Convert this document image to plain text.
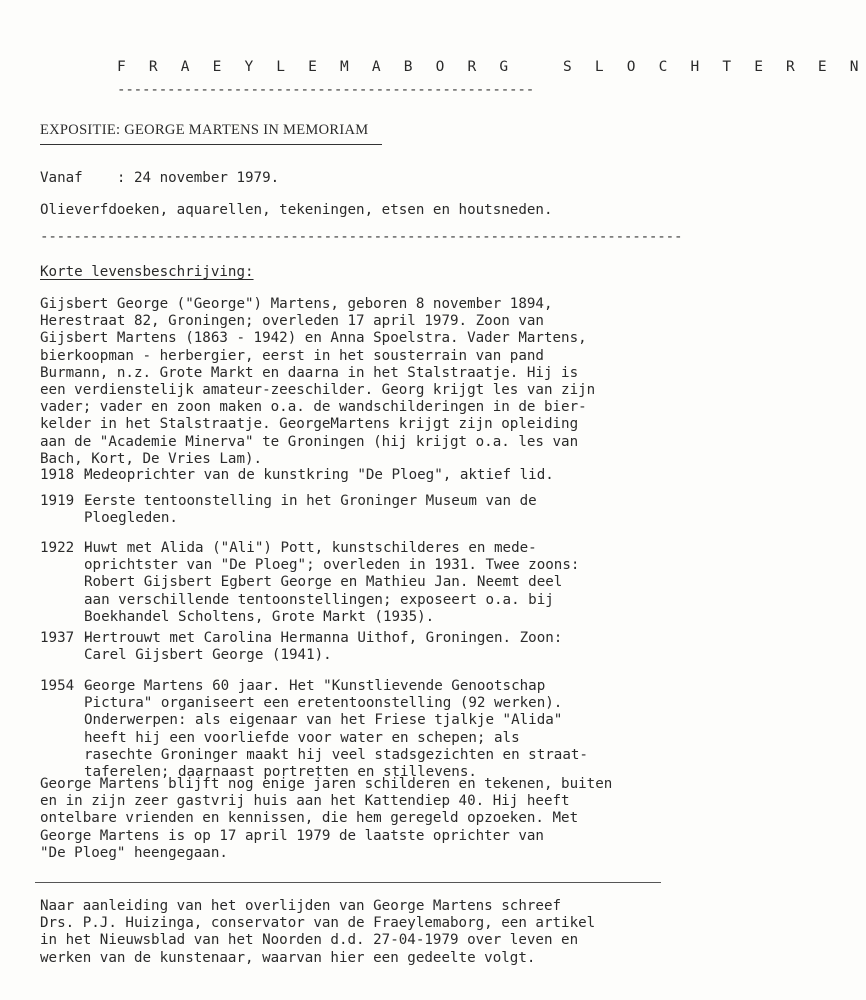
F R A E Y L E M A B O R G   S L O C H T E R E N
--------------------------------------------------
EXPOSITIE: GEORGE MARTENS IN MEMORIAM
Vanaf    : 24 november 1979.
Olieverfdoeken, aquarellen, tekeningen, etsen en houtsneden.
-----------------------------------------------------------------------------
Korte levensbeschrijving:
Gijsbert George ("George") Martens, geboren 8 november 1894,
Herestraat 82, Groningen; overleden 17 april 1979. Zoon van
Gijsbert Martens (1863 - 1942) en Anna Spoelstra. Vader Martens,
bierkoopman - herbergier, eerst in het sousterrain van pand
Burmann, n.z. Grote Markt en daarna in het Stalstraatje. Hij is
een verdienstelijk amateur-zeeschilder. Georg krijgt les van zijn
vader; vader en zoon maken o.a. de wandschilderingen in de bier-
kelder in het Stalstraatje. GeorgeMartens krijgt zijn opleiding
aan de "Academie Minerva" te Groningen (hij krijgt o.a. les van
Bach, Kort, De Vries Lam).
1918 -
Medeoprichter van de kunstkring "De Ploeg", aktief lid.
1919 -
Eerste tentoonstelling in het Groninger Museum van de
Ploegleden.
1922 -
Huwt met Alida ("Ali") Pott, kunstschilderes en mede-
oprichtster van "De Ploeg"; overleden in 1931. Twee zoons:
Robert Gijsbert Egbert George en Mathieu Jan. Neemt deel
aan verschillende tentoonstellingen; exposeert o.a. bij
Boekhandel Scholtens, Grote Markt (1935).
1937 -
Hertrouwt met Carolina Hermanna Uithof, Groningen. Zoon:
Carel Gijsbert George (1941).
1954 -
George Martens 60 jaar. Het "Kunstlievende Genootschap
Pictura" organiseert een eretentoonstelling (92 werken).
Onderwerpen: als eigenaar van het Friese tjalkje "Alida"
heeft hij een voorliefde voor water en schepen; als
rasechte Groninger maakt hij veel stadsgezichten en straat-
taferelen; daarnaast portretten en stillevens.
George Martens blijft nog enige jaren schilderen en tekenen, buiten
en in zijn zeer gastvrij huis aan het Kattendiep 40. Hij heeft
ontelbare vrienden en kennissen, die hem geregeld opzoeken. Met
George Martens is op 17 april 1979 de laatste oprichter van
"De Ploeg" heengegaan.
Naar aanleiding van het overlijden van George Martens schreef
Drs. P.J. Huizinga, conservator van de Fraeylemaborg, een artikel
in het Nieuwsblad van het Noorden d.d. 27-04-1979 over leven en
werken van de kunstenaar, waarvan hier een gedeelte volgt.
